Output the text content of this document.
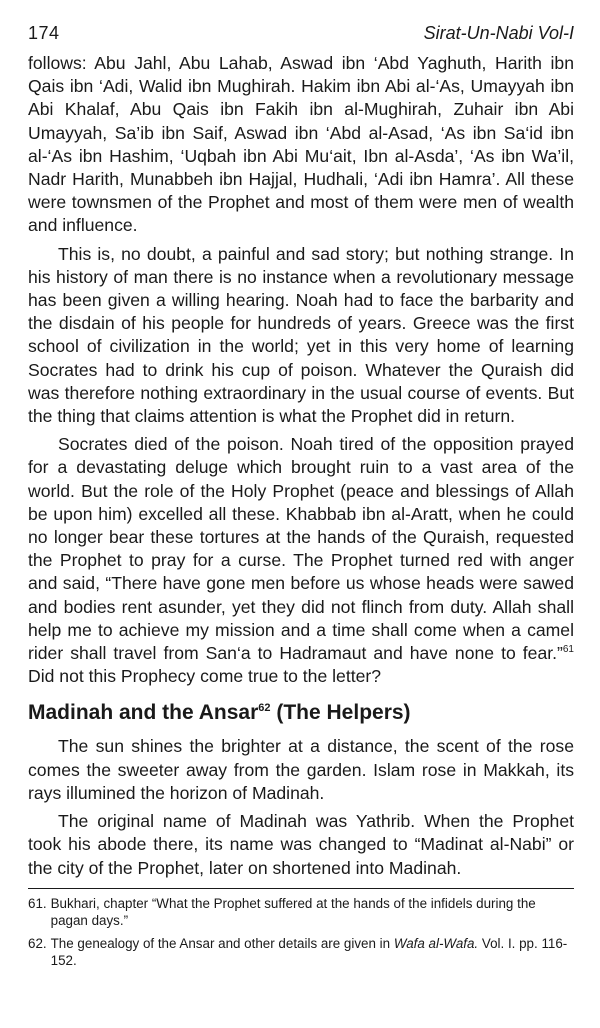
174	Sirat-Un-Nabi Vol-I

follows: Abu Jahl, Abu Lahab, Aswad ibn ‘Abd Yaghuth, Harith ibn Qais ibn ‘Adi, Walid ibn Mughirah. Hakim ibn Abi al-‘As, Umayyah ibn Abi Khalaf, Abu Qais ibn Fakih ibn al-Mughirah, Zuhair ibn Abi Umayyah, Sa’ib ibn Saif, Aswad ibn ‘Abd al-Asad, ‘As ibn Sa‘id ibn al-‘As ibn Hashim, ‘Uqbah ibn Abi Mu‘ait, Ibn al-Asda’, ‘As ibn Wa’il, Nadr Harith, Munabbeh ibn Hajjal, Hudhali, ‘Adi ibn Hamra’. All these were townsmen of the Prophet and most of them were men of wealth and influence.

This is, no doubt, a painful and sad story; but nothing strange. In his history of man there is no instance when a revolutionary message has been given a willing hearing. Noah had to face the barbarity and the disdain of his people for hundreds of years. Greece was the first school of civilization in the world; yet in this very home of learning Socrates had to drink his cup of poison. Whatever the Quraish did was therefore nothing extraordinary in the usual course of events. But the thing that claims attention is what the Prophet did in return.

Socrates died of the poison. Noah tired of the opposition prayed for a devastating deluge which brought ruin to a vast area of the world. But the role of the Holy Prophet (peace and blessings of Allah be upon him) excelled all these. Khabbab ibn al-Aratt, when he could no longer bear these tortures at the hands of the Quraish, requested the Prophet to pray for a curse. The Prophet turned red with anger and said, “There have gone men before us whose heads were sawed and bodies rent asunder, yet they did not flinch from duty. Allah shall help me to achieve my mission and a time shall come when a camel rider shall travel from San‘a to Hadramaut and have none to fear.”$^{61}$ Did not this Prophecy come true to the letter?

Madinah and the Ansar$^{62}$ (The Helpers)

The sun shines the brighter at a distance, the scent of the rose comes the sweeter away from the garden. Islam rose in Makkah, its rays illumined the horizon of Madinah.

The original name of Madinah was Yathrib. When the Prophet took his abode there, its name was changed to “Madinat al-Nabi” or the city of the Prophet, later on shortened into Madinah.

61. Bukhari, chapter “What the Prophet suffered at the hands of the infidels during the pagan days.”
62. The genealogy of the Ansar and other details are given in Wafa al-Wafa. Vol. I. pp. 116-152.
